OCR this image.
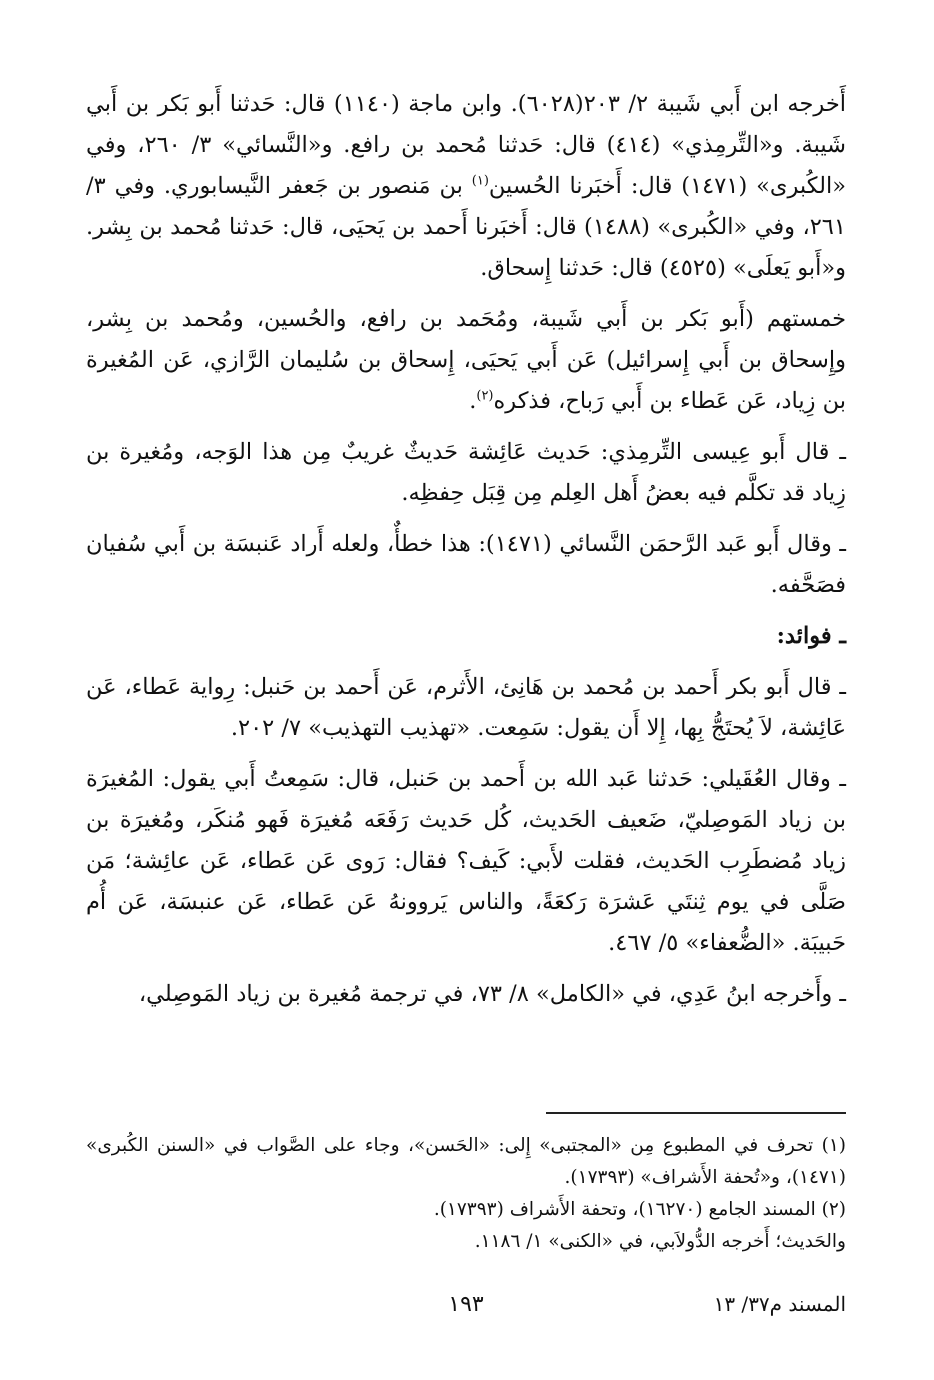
أَخرجه ابن أَبي شَيبة ٢/ ٢٠٣(٦٠٢٨). وابن ماجة (١١٤٠) قال: حَدثنا أَبو بَكر بن أَبي شَيبة. و«التِّرمِذي» (٤١٤) قال: حَدثنا مُحمد بن رافع. و«النَّسائي» ٣/ ٢٦٠، وفي «الكُبرى» (١٤٧١) قال: أَخبَرنا الحُسين$^{(١)}$ بن مَنصور بن جَعفر النَّيسابوري. وفي ٣/ ٢٦١، وفي «الكُبرى» (١٤٨٨) قال: أَخبَرنا أَحمد بن يَحيَى، قال: حَدثنا مُحمد بن بِشر. و«أَبو يَعلَى» (٤٥٢٥) قال: حَدثنا إِسحاق.

خمستهم (أَبو بَكر بن أَبي شَيبة، ومُحَمد بن رافع، والحُسين، ومُحمد بن بِشر، وإِسحاق بن أَبي إِسرائيل) عَن أَبي يَحيَى، إِسحاق بن سُليمان الرَّازي، عَن المُغيرة بن زِياد، عَن عَطاء بن أَبي رَباح، فذكره$^{(٢)}$.

ـ قال أَبو عِيسى التِّرمِذي: حَديث عَائِشة حَديثٌ غريبٌ مِن هذا الوَجه، ومُغيرة بن زِياد قد تكلَّم فيه بعضُ أَهل العِلم مِن قِبَل حِفظِه.

ـ وقال أَبو عَبد الرَّحمَن النَّسائي (١٤٧١): هذا خطأٌ، ولعله أَراد عَنبسَة بن أَبي سُفيان فصَحَّفه.

ـ فوائد:

ـ قال أَبو بكر أَحمد بن مُحمد بن هَانِئ، الأَثرم، عَن أَحمد بن حَنبل: رِواية عَطاء، عَن عَائِشة، لاَ يُحتَجُّ بِها، إِلا أَن يقول: سَمِعت. «تهذيب التهذيب» ٧/ ٢٠٢.

ـ وقال العُقَيلي: حَدثنا عَبد الله بن أَحمد بن حَنبل، قال: سَمِعتُ أَبي يقول: المُغيرَة بن زياد المَوصِليّ، ضَعيف الحَديث، كُل حَديث رَفَعَه مُغيرَة فَهو مُنكَر، ومُغيرَة بن زياد مُضطَرِب الحَديث، فقلت لأَبي: كَيف؟ فقال: رَوى عَن عَطاء، عَن عائِشة؛ مَن صَلَّى في يوم ثِنتَي عَشرَة رَكعَةً، والناس يَروونهُ عَن عَطاء، عَن عنبسَة، عَن أُم حَبيبَة. «الضُّعفاء» ٥/ ٤٦٧.

ـ وأَخرجه ابنُ عَدِي، في «الكامل» ٨/ ٧٣، في ترجمة مُغيرة بن زياد المَوصِلي،

(١) تحرف في المطبوع مِن «المجتبى» إِلى: «الحَسن»، وجاء على الصَّواب في «السنن الكُبرى» (١٤٧١)، و«تُحفة الأَشراف» (١٧٣٩٣).

(٢) المسند الجامع (١٦٢٧٠)، وتحفة الأَشراف (١٧٣٩٣).

والحَديث؛ أَخرجه الدُّولاَبي، في «الكنى» ١/ ١١٨٦.

المسند م٣٧/ ١٣
١٩٣
